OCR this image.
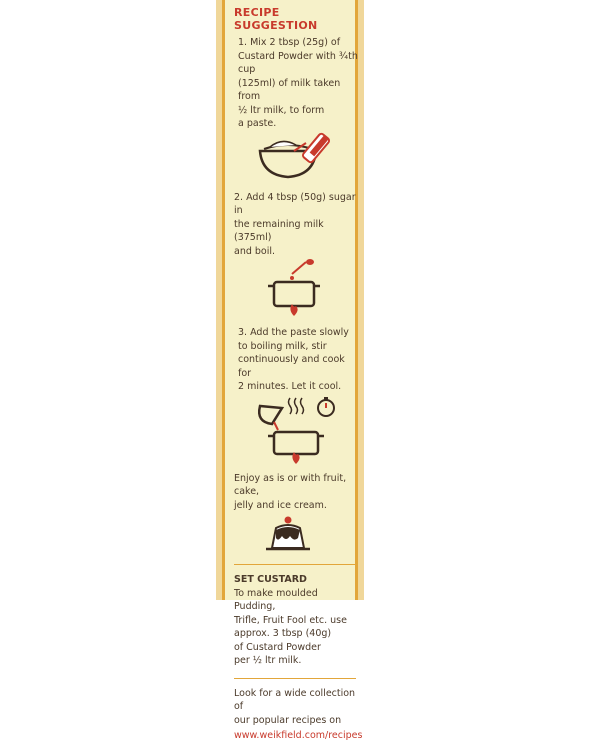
RECIPE
SUGGESTION
1. Mix 2 tbsp (25g) of
Custard Powder with ¾th cup
(125ml) of milk taken from
½ ltr milk, to form
a paste.
2. Add 4 tbsp (50g) sugar in
the remaining milk (375ml)
and boil.
3. Add the paste slowly
to boiling milk, stir
continuously and cook for
2 minutes. Let it cool.
Enjoy as is or with fruit, cake,
jelly and ice cream.
SET CUSTARD
To make moulded Pudding,
Trifle, Fruit Fool etc. use
approx. 3 tbsp (40g)
of Custard Powder
per ½ ltr milk.
Look for a wide collection of
our popular recipes on
www.weikfield.com/recipes
